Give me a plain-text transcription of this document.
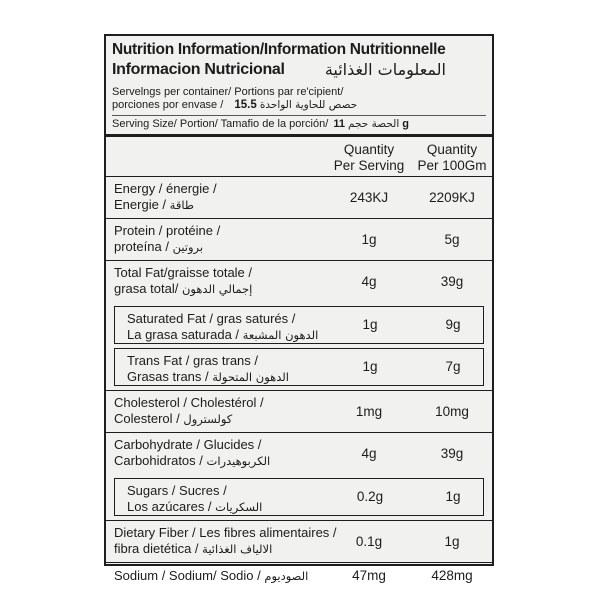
Nutrition Information/Information Nutritionnelle
Informacion Nutricional	المعلومات الغذائية
Servelngs per container/ Portions par re'cipient/
porciones por envase /	حصص للحاوية الواحدة 15.5
Serving Size/ Portion/ Tamafio de la porción/ الحصة حجم 11 g
Quantity
Per Serving
Quantity
Per 100Gm
Energy / énergie /
Energie / طاقة
243KJ	2209KJ
Protein / protéine /
proteína / بروتين
1g	5g
Total Fat/graisse totale /
grasa total/ إجمالي الدهون
4g	39g
Saturated Fat / gras saturés /
La grasa saturada / الدهون المشبعة
1g	9g
Trans Fat / gras trans /
Grasas trans / الدهون المتحولة
1g	7g
Cholesterol / Cholestérol /
Colesterol / كولسترول
1mg	10mg
Carbohydrate / Glucides /
Carbohidratos / الكربوهيدرات
4g	39g
Sugars / Sucres /
Los azúcares / السكريات
0.2g	1g
Dietary Fiber / Les fibres alimentaires /
fibra dietética / الالياف الغذائية
0.1g	1g
Sodium / Sodium/ Sodio / الصوديوم	47mg	428mg
